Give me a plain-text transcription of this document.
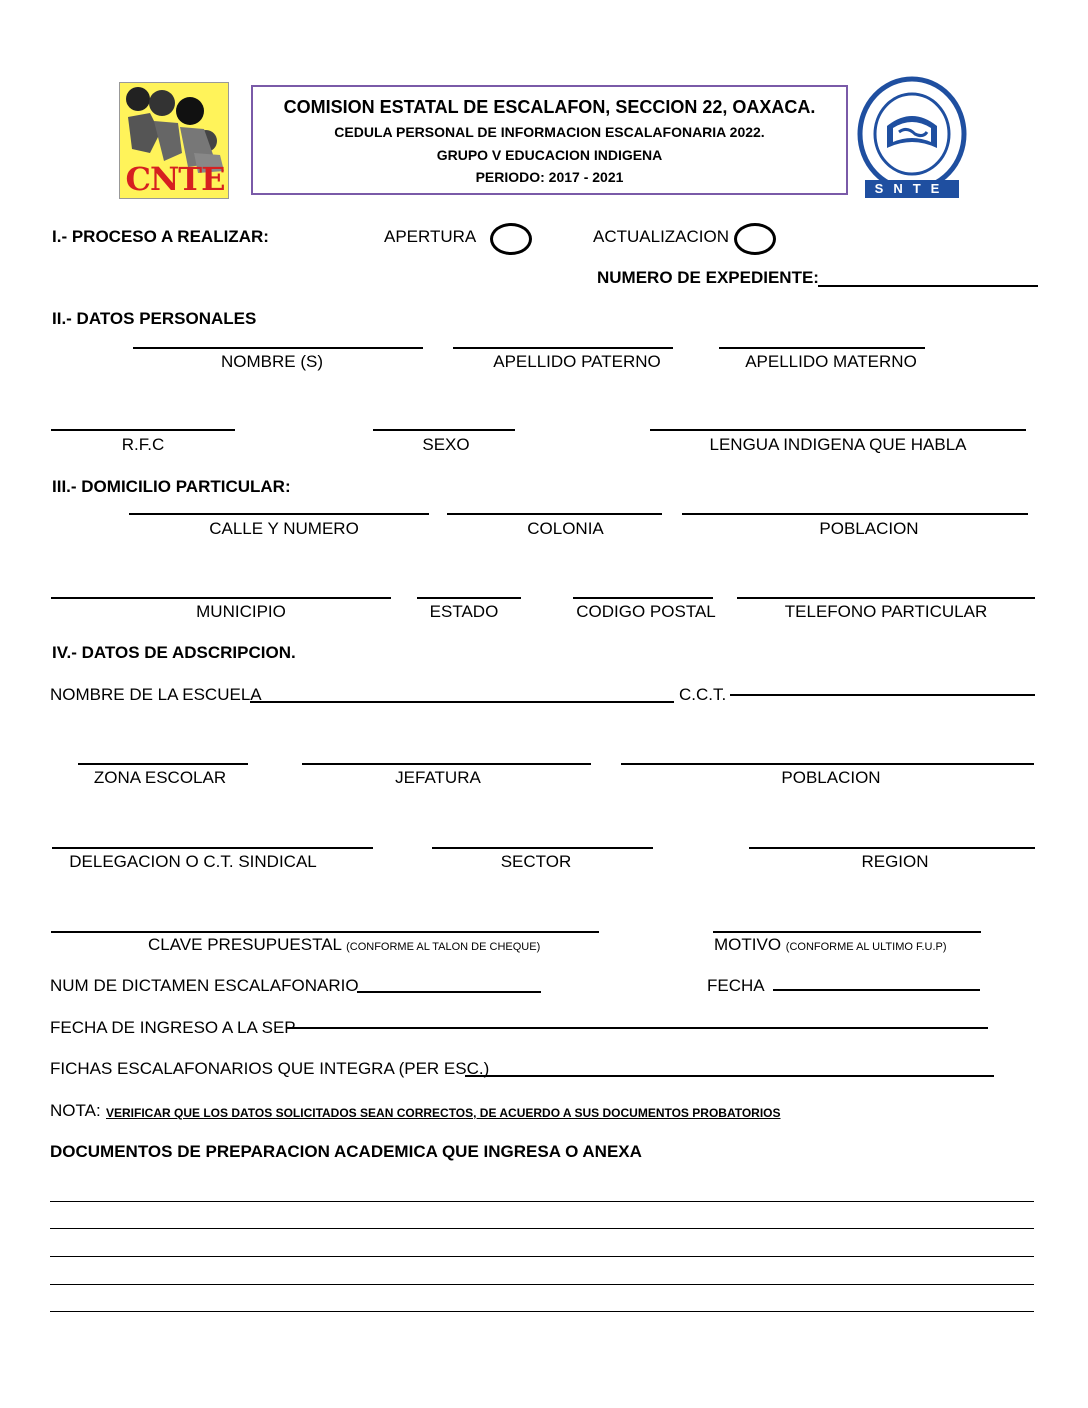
CNTE
COMISION ESTATAL DE ESCALAFON, SECCION 22, OAXACA.
CEDULA PERSONAL DE INFORMACION ESCALAFONARIA 2022.
GRUPO V EDUCACION INDIGENA
PERIODO: 2017 - 2021
SNTE
I.- PROCESO A REALIZAR:	APERTURA	ACTUALIZACION
NUMERO DE EXPEDIENTE:
II.- DATOS PERSONALES
NOMBRE (S)	APELLIDO PATERNO	APELLIDO MATERNO
R.F.C	SEXO	LENGUA INDIGENA QUE HABLA
III.- DOMICILIO PARTICULAR:
CALLE Y NUMERO	COLONIA	POBLACION
MUNICIPIO	ESTADO	CODIGO POSTAL	TELEFONO PARTICULAR
IV.- DATOS DE ADSCRIPCION.
NOMBRE DE LA ESCUELA	C.C.T.
ZONA ESCOLAR	JEFATURA	POBLACION
DELEGACION O C.T. SINDICAL	SECTOR	REGION
CLAVE PRESUPUESTAL (CONFORME AL TALON DE CHEQUE)	MOTIVO (CONFORME AL ULTIMO F.U.P)
NUM DE DICTAMEN ESCALAFONARIO	FECHA
FECHA DE INGRESO A LA SEP
FICHAS ESCALAFONARIOS QUE INTEGRA (PER ESC.)
NOTA: VERIFICAR QUE LOS DATOS SOLICITADOS SEAN CORRECTOS, DE ACUERDO A SUS DOCUMENTOS PROBATORIOS
DOCUMENTOS DE PREPARACION ACADEMICA QUE INGRESA O ANEXA
